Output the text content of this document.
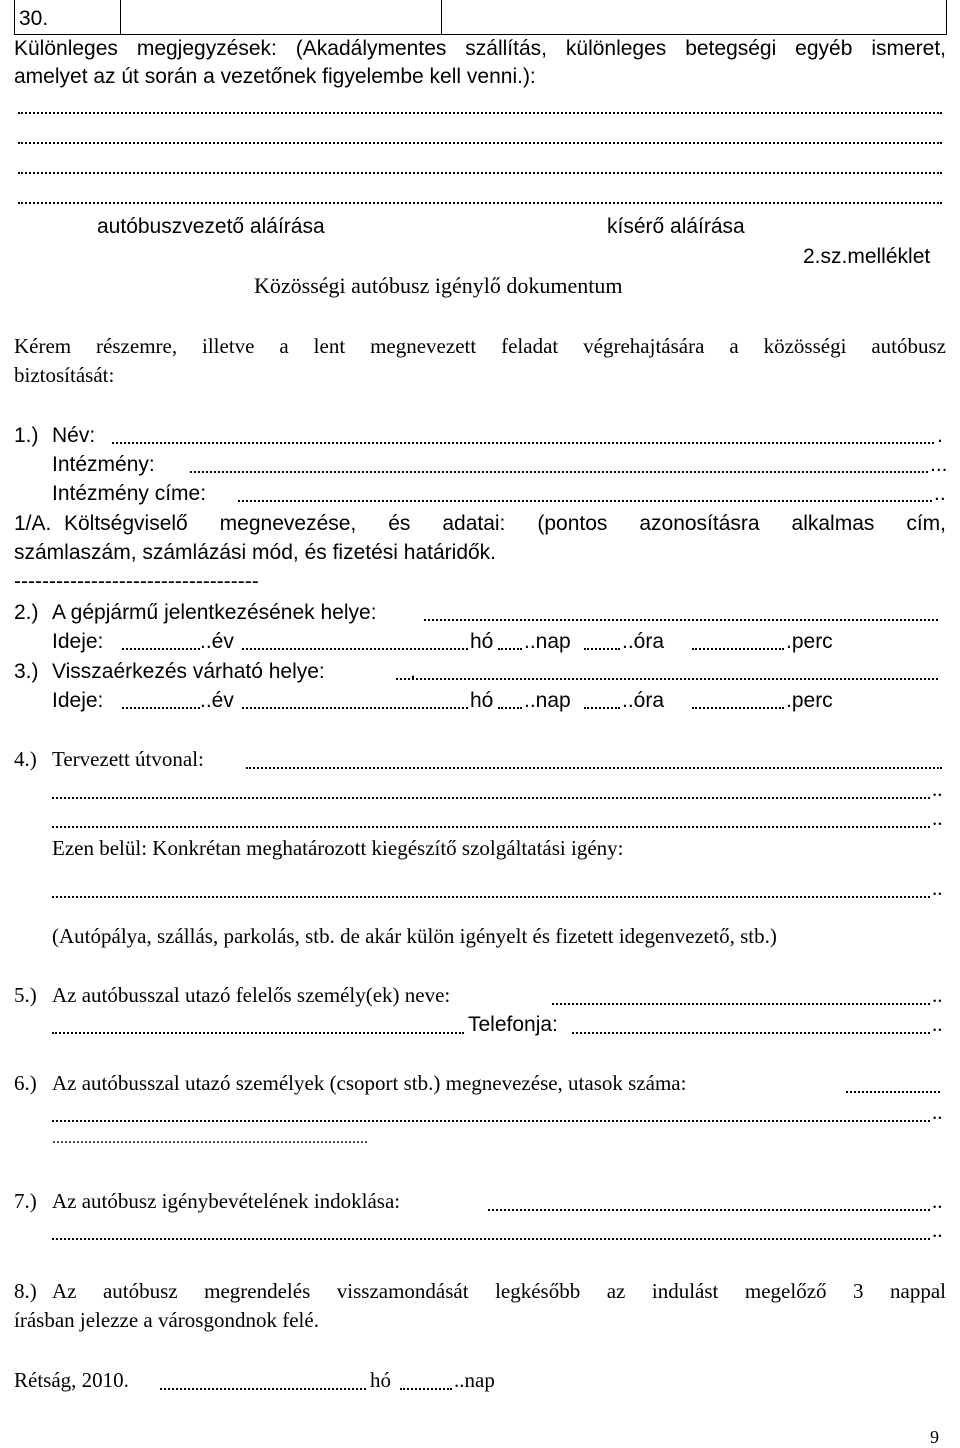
30.
Különleges megjegyzések: (Akadálymentes szállítás, különleges betegségi egyéb ismeret,
amelyet az út során a vezetőnek figyelembe kell venni.):
autóbuszvezető aláírása	kísérő aláírása
2.sz.melléklet
Közösségi autóbusz igénylő dokumentum
Kérem részemre, illetve a lent megnevezett feladat végrehajtására a közösségi autóbusz
biztosítását:
1.) Név:	.
Intézmény:	...
Intézmény címe:	..
1/A. Költségviselő megnevezése, és adatai: (pontos azonosításra alkalmas cím,
számlaszám, számlázási mód, és fizetési határidők.
-----------------------------------
2.) A gépjármű jelentkezésének helye:
Ideje:	..év	hó ..nap ..óra	.perc
3.) Visszaérkezés várható helye:	.
Ideje:	..év	hó ..nap ..óra	.perc
4.) Tervezett útvonal:
..
..
Ezen belül: Konkrétan meghatározott kiegészítő szolgáltatási igény:
..
(Autópálya, szállás, parkolás, stb. de akár külön igényelt és fizetett idegenvezető, stb.)
5.) Az autóbusszal utazó felelős személy(ek) neve:	..
Telefonja:	..
6.) Az autóbusszal utazó személyek (csoport stb.) megnevezése, utasok száma:
..
...............................................................................
7.) Az autóbusz igénybevételének indoklása:	..
..
8.) Az autóbusz megrendelés visszamondását legkésőbb az indulást megelőző 3 nappal
írásban jelezze a városgondnok felé.
Rétság, 2010.	hó	..nap
9
